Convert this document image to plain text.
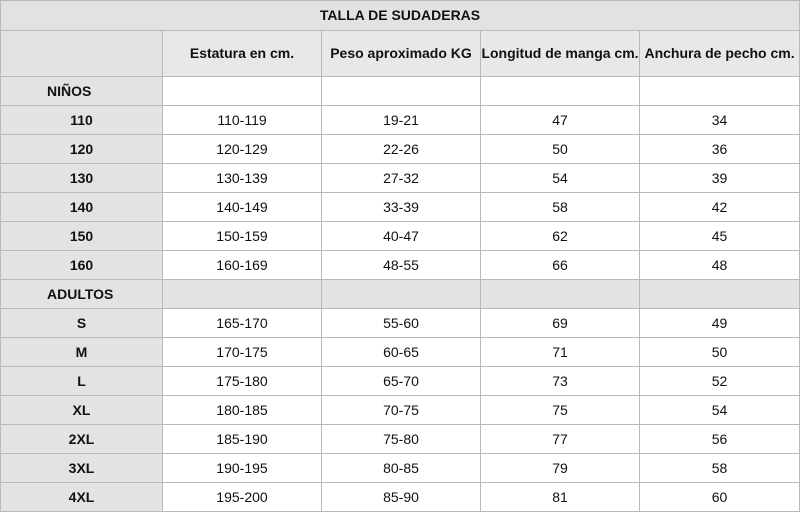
TALLA DE SUDADERAS				
	Estatura en cm.	Peso aproximado KG	Longitud de manga cm.	Anchura de pecho cm.
NIÑOS				
110	110-119	19-21	47	34
120	120-129	22-26	50	36
130	130-139	27-32	54	39
140	140-149	33-39	58	42
150	150-159	40-47	62	45
160	160-169	48-55	66	48
ADULTOS				
S	165-170	55-60	69	49
M	170-175	60-65	71	50
L	175-180	65-70	73	52
XL	180-185	70-75	75	54
2XL	185-190	75-80	77	56
3XL	190-195	80-85	79	58
4XL	195-200	85-90	81	60
